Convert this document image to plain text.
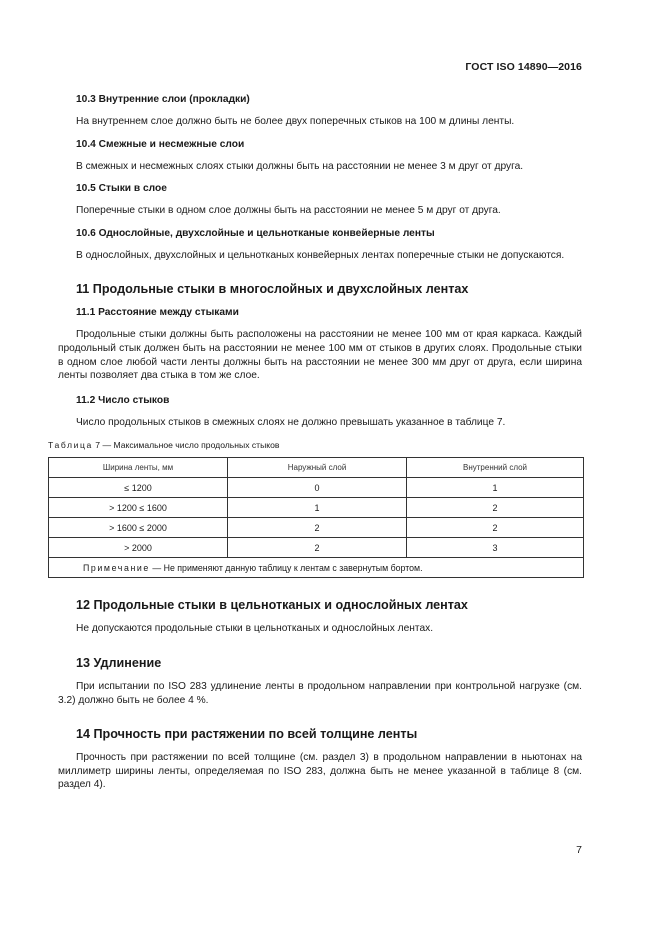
ГОСТ ISO 14890—2016

10.3 Внутренние слои (прокладки)

На внутреннем слое должно быть не более двух поперечных стыков на 100 м длины ленты.

10.4 Смежные и несмежные слои

В смежных и несмежных слоях стыки должны быть на расстоянии не менее 3 м друг от друга.

10.5 Стыки в слое

Поперечные стыки в одном слое должны быть на расстоянии не менее 5 м друг от друга.

10.6 Однослойные, двухслойные и цельнотканые конвейерные ленты

В однослойных, двухслойных и цельнотканых конвейерных лентах поперечные стыки не допускаются.

11 Продольные стыки в многослойных и двухслойных лентах

11.1 Расстояние между стыками

Продольные стыки должны быть расположены на расстоянии не менее 100 мм от края каркаса. Каждый продольный стык должен быть на расстоянии не менее 100 мм от стыков в других слоях. Продольные стыки в одном слое любой части ленты должны быть на расстоянии не менее 300 мм друг от друга, если ширина ленты позволяет два стыка в том же слое.

11.2 Число стыков

Число продольных стыков в смежных слоях не должно превышать указанное в таблице 7.

Таблица 7 — Максимальное число продольных стыков

Ширина ленты, мм	Наружный слой	Внутренний слой
≤ 1200	0	1
> 1200 ≤ 1600	1	2
> 1600 ≤ 2000	2	2
> 2000	2	3
Примечание — Не применяют данную таблицу к лентам с завернутым бортом.		

12 Продольные стыки в цельнотканых и однослойных лентах

Не допускаются продольные стыки в цельнотканых и однослойных лентах.

13 Удлинение

При испытании по ISO 283 удлинение ленты в продольном направлении при контрольной нагрузке (см. 3.2) должно быть не более 4 %.

14 Прочность при растяжении по всей толщине ленты

Прочность при растяжении по всей толщине (см. раздел 3) в продольном направлении в ньютонах на миллиметр ширины ленты, определяемая по ISO 283, должна быть не менее указанной в таблице 8 (см. раздел 4).

7
